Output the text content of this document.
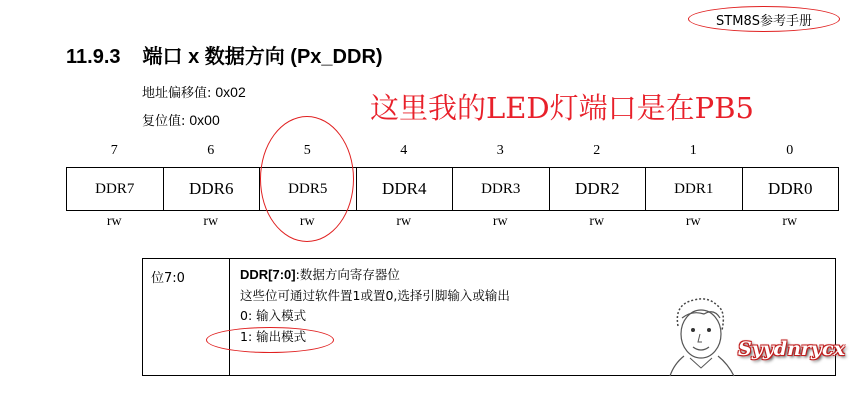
STM8S参考手册
11.9.3 端口 x 数据方向 (Px_DDR)
地址偏移值: 0x02
复位值: 0x00	这里我的LED灯端口是在PB5
7	6	5	4	3	2	1	0
DDR7	DDR6	DDR5	DDR4	DDR3	DDR2	DDR1	DDR0
rw	rw	rw	rw	rw	rw	rw	rw
位7:0	DDR[7:0]:数据方向寄存器位
这些位可通过软件置1或置0,选择引脚输入或输出
0: 输入模式
1: 输出模式
Syydnrycx
